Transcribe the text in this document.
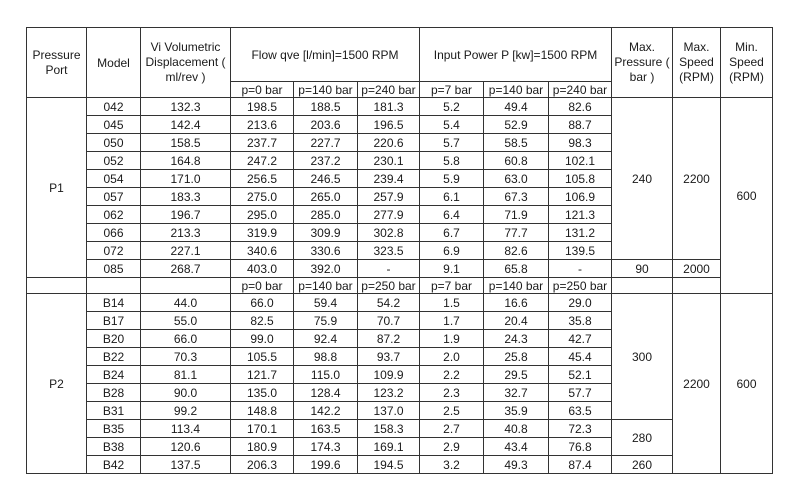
Pressure Port	Model	Vi Volumetric Displacement ( ml/rev )	Flow qve [l/min]=1500 RPM			Input Power P [kw]=1500 RPM			Max. Pressure ( bar )	Max. Speed (RPM)	Min. Speed (RPM)
			p=0 bar	p=140 bar	p=240 bar	p=7 bar	p=140 bar	p=240 bar			
P1	042	132.3	198.5	188.5	181.3	5.2	49.4	82.6	240	2200	600
	045	142.4	213.6	203.6	196.5	5.4	52.9	88.7			
	050	158.5	237.7	227.7	220.6	5.7	58.5	98.3			
	052	164.8	247.2	237.2	230.1	5.8	60.8	102.1			
	054	171.0	256.5	246.5	239.4	5.9	63.0	105.8			
	057	183.3	275.0	265.0	257.9	6.1	67.3	106.9			
	062	196.7	295.0	285.0	277.9	6.4	71.9	121.3			
	066	213.3	319.9	309.9	302.8	6.7	77.7	131.2			
	072	227.1	340.6	330.6	323.5	6.9	82.6	139.5			
	085	268.7	403.0	392.0	-	9.1	65.8	-	90	2000	
			p=0 bar	p=140 bar	p=250 bar	p=7 bar	p=140 bar	p=250 bar			
P2	B14	44.0	66.0	59.4	54.2	1.5	16.6	29.0	300	2200	600
	B17	55.0	82.5	75.9	70.7	1.7	20.4	35.8			
	B20	66.0	99.0	92.4	87.2	1.9	24.3	42.7			
	B22	70.3	105.5	98.8	93.7	2.0	25.8	45.4			
	B24	81.1	121.7	115.0	109.9	2.2	29.5	52.1			
	B28	90.0	135.0	128.4	123.2	2.3	32.7	57.7			
	B31	99.2	148.8	142.2	137.0	2.5	35.9	63.5			
	B35	113.4	170.1	163.5	158.3	2.7	40.8	72.3	280		
	B38	120.6	180.9	174.3	169.1	2.9	43.4	76.8			
	B42	137.5	206.3	199.6	194.5	3.2	49.3	87.4	260		
